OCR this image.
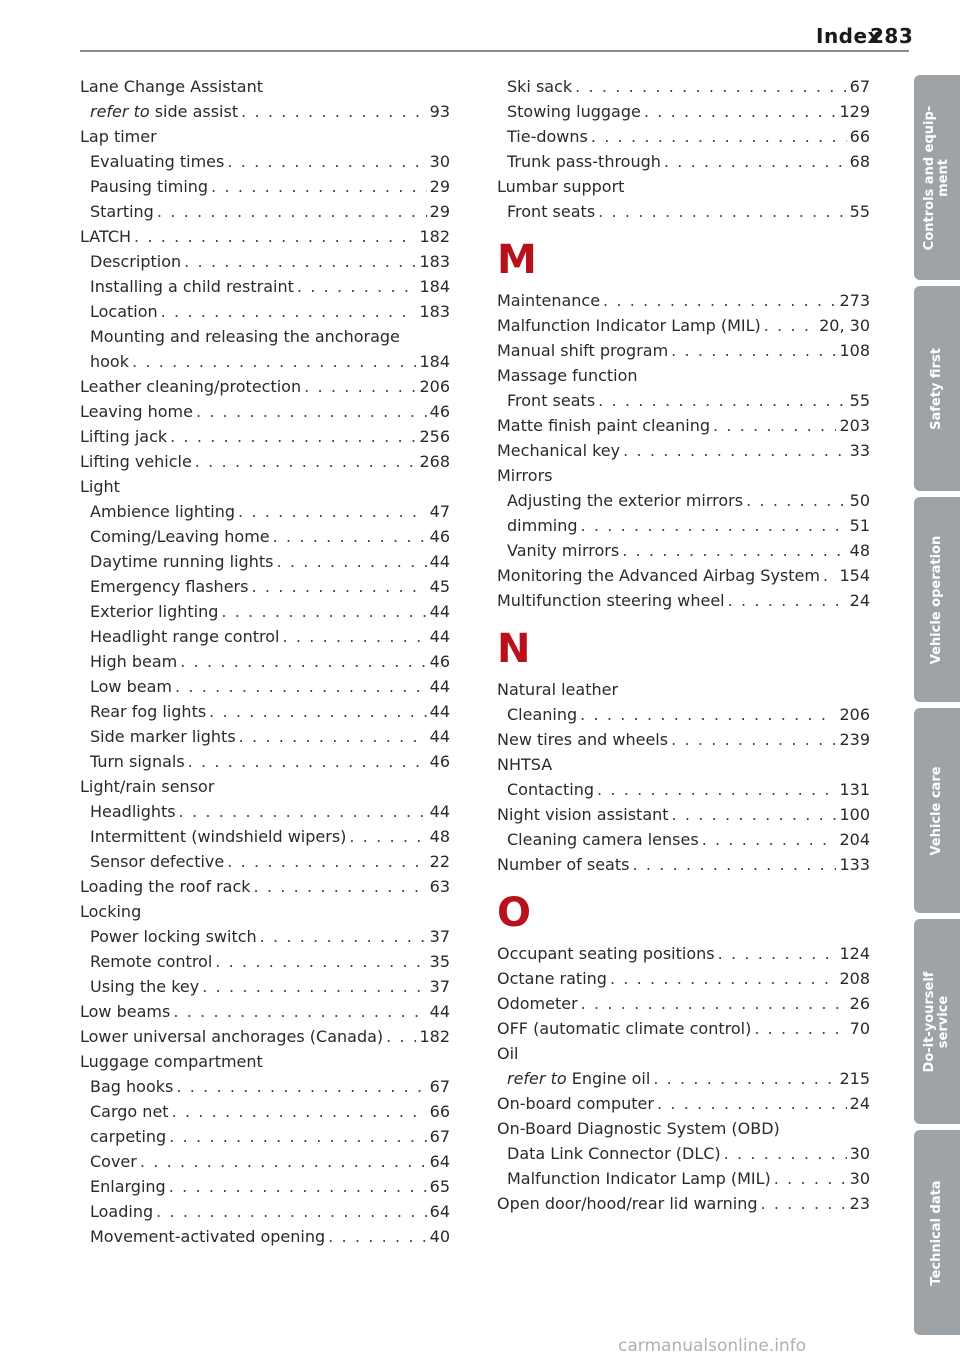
Index
283
Lane Change Assistant
refer to side assist . . .	93
Lap timer
Evaluating times . . .	30
Pausing timing . . .	29
Starting . . .	29
LATCH . . .	182
Description . . .	183
Installing a child restraint . . .	184
Location . . .	183
Mounting and releasing the anchorage
hook . . .	184
Leather cleaning/protection . . .	206
Leaving home . . .	46
Lifting jack . . .	256
Lifting vehicle . . .	268
Light
Ambience lighting . . .	47
Coming/Leaving home . . .	46
Daytime running lights . . .	44
Emergency flashers . . .	45
Exterior lighting . . .	44
Headlight range control . . .	44
High beam . . .	46
Low beam . . .	44
Rear fog lights . . .	44
Side marker lights . . .	44
Turn signals . . .	46
Light/rain sensor
Headlights . . .	44
Intermittent (windshield wipers) . . .	48
Sensor defective . . .	22
Loading the roof rack . . .	63
Locking
Power locking switch . . .	37
Remote control . . .	35
Using the key . . .	37
Low beams . . .	44
Lower universal anchorages (Canada) . . . 182
Luggage compartment
Bag hooks . . .	67
Cargo net . . .	66
carpeting . . .	67
Cover . . .	64
Enlarging . . .	65
Loading . . .	64
Movement-activated opening . . .	40
Ski sack . . .	67
Stowing luggage . . .	129
Tie-downs . . .	66
Trunk pass-through . . .	68
Lumbar support
Front seats . . .	55
M
Maintenance . . .	273
Malfunction Indicator Lamp (MIL) . . .	20, 30
Manual shift program . . .	108
Massage function
Front seats . . .	55
Matte finish paint cleaning . . .	203
Mechanical key . . .	33
Mirrors
Adjusting the exterior mirrors . . .	50
dimming . . .	51
Vanity mirrors . . .	48
Monitoring the Advanced Airbag System . . . 154
Multifunction steering wheel . . .	24
N
Natural leather
Cleaning . . .	206
New tires and wheels . . .	239
NHTSA
Contacting . . .	131
Night vision assistant . . .	100
Cleaning camera lenses . . .	204
Number of seats . . .	133
O
Occupant seating positions . . .	124
Octane rating . . .	208
Odometer . . .	26
OFF (automatic climate control) . . .	70
Oil
refer to Engine oil . . .	215
On-board computer . . .	24
On-Board Diagnostic System (OBD)
Data Link Connector (DLC) . . .	30
Malfunction Indicator Lamp (MIL) . . .	30
Open door/hood/rear lid warning . . .	23
Controls and equip-
ment
Safety first
Vehicle operation
Vehicle care
Do-it-yourself
service
Technical data
carmanualsonline.info
